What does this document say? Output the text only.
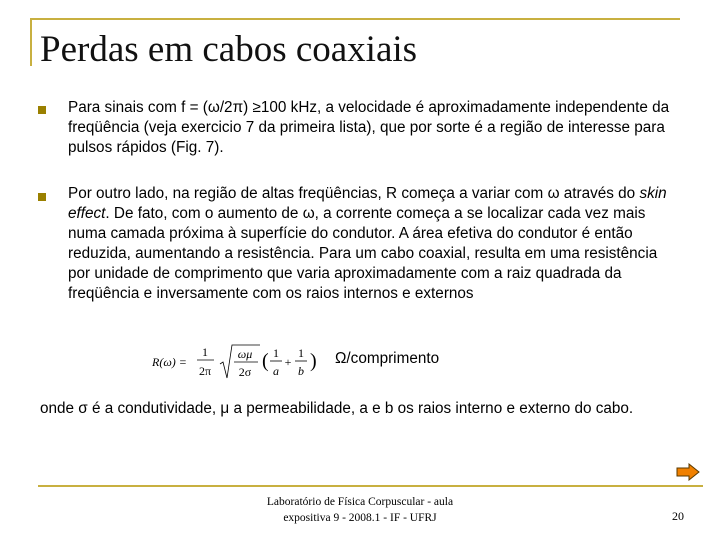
Perdas em cabos coaxiais
Para sinais com f = (ω/2π) ≥100 kHz, a velocidade é aproximadamente independente da freqüência (veja exercicio 7 da primeira lista), que por sorte é a região de interesse para pulsos rápidos (Fig. 7).
Por outro lado, na região de altas freqüências, R começa a variar com ω através do skin effect. De fato, com o aumento de ω, a corrente começa a se localizar cada vez mais numa camada próxima à superfície do condutor. A área efetiva do condutor é então reduzida, aumentando a resistência. Para um cabo coaxial, resulta em uma resistência por unidade de comprimento que varia aproximadamente com a raiz quadrada da freqüência e inversamente com os raios internos e externos
R(ω) =
1
2π
ωμ
2σ ( 1
a
+
1
b ) Ω/comprimento
onde σ é a condutividade, μ a permeabilidade, a e b os raios interno e externo do cabo.
Laboratório de Física Corpuscular - aula
expositiva 9 - 2008.1 - IF - UFRJ	20
